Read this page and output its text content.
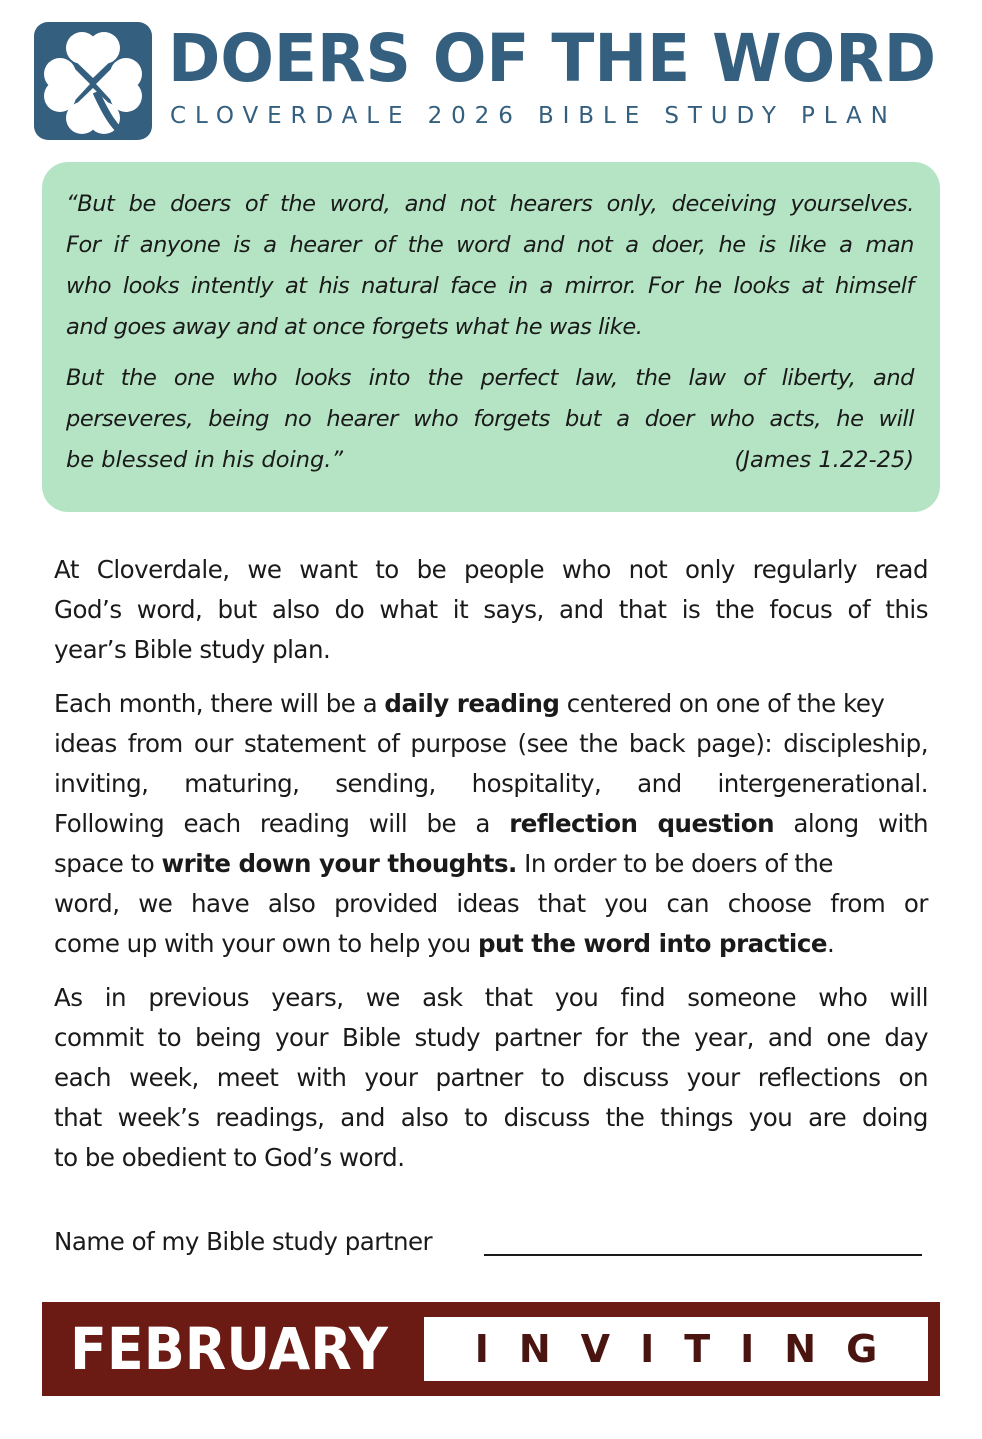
DOERS OF THE WORD
CLOVERDALE 2026 BIBLE STUDY PLAN

“But be doers of the word, and not hearers only, deceiving yourselves.
For if anyone is a hearer of the word and not a doer, he is like a man
who looks intently at his natural face in a mirror. For he looks at himself
and goes away and at once forgets what he was like.

But the one who looks into the perfect law, the law of liberty, and
perseveres, being no hearer who forgets but a doer who acts, he will
be blessed in his doing.”	(James 1.22-25)

At Cloverdale, we want to be people who not only regularly read
God’s word, but also do what it says, and that is the focus of this
year’s Bible study plan.

Each month, there will be a daily reading centered on one of the key
ideas from our statement of purpose (see the back page): discipleship,
inviting, maturing, sending, hospitality, and intergenerational.
Following each reading will be a reflection question along with
space to write down your thoughts. In order to be doers of the
word, we have also provided ideas that you can choose from or
come up with your own to help you put the word into practice.

As in previous years, we ask that you find someone who will
commit to being your Bible study partner for the year, and one day
each week, meet with your partner to discuss your reflections on
that week’s readings, and also to discuss the things you are doing
to be obedient to God’s word.

Name of my Bible study partner
FEBRUARY	INVITING
